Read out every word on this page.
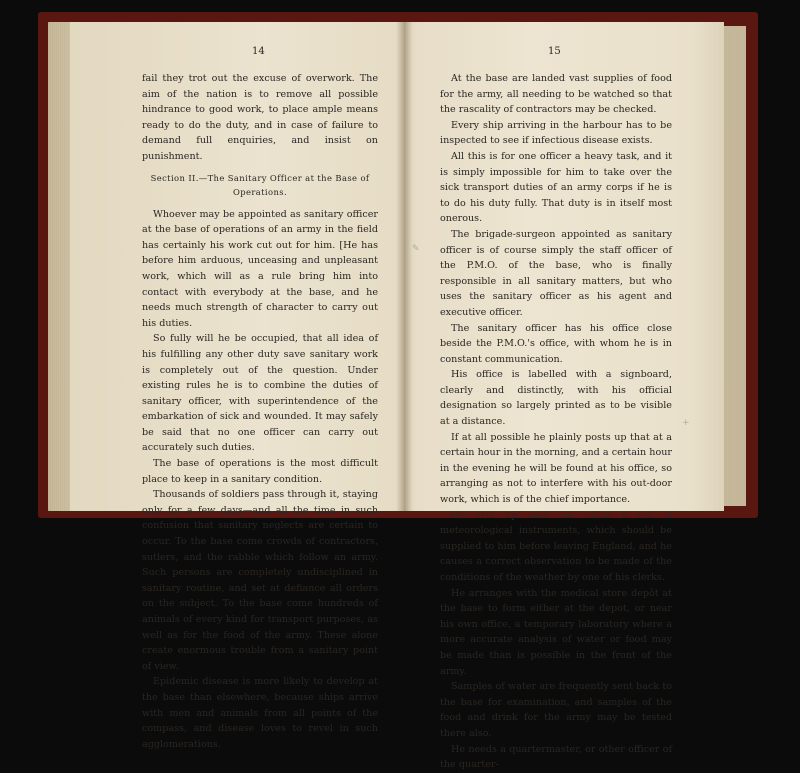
14

fail they trot out the excuse of overwork. The aim of the nation is to remove all possible hindrance to good work, to place ample means ready to do the duty, and in case of failure to demand full enquiries, and insist on punishment.

Section II.—The Sanitary Officer at the Base of
Operations.

Whoever may be appointed as sanitary officer at the base of operations of an army in the field has certainly his work cut out for him. [He has before him arduous, unceasing and unpleasant work, which will as a rule bring him into contact with everybody at the base, and he needs much strength of character to carry out his duties.

So fully will he be occupied, that all idea of his fulfilling any other duty save sanitary work is completely out of the question. Under existing rules he is to combine the duties of sanitary officer, with superintendence of the embarkation of sick and wounded. It may safely be said that no one officer can carry out accurately such duties.

The base of operations is the most difficult place to keep in a sanitary condition.

Thousands of soldiers pass through it, staying only for a few days—and all the time in such confusion that sanitary neglects are certain to occur. To the base come crowds of contractors, sutlers, and the rabble which follow an army. Such persons are completely undisciplined in sanitary routine, and set at defiance all orders on the subject. To the base come hundreds of animals of every kind for transport purposes, as well as for the food of the army. These alone create enormous trouble from a sanitary point of view.

Epidemic disease is more likely to develop at the base than elsewhere, because ships arrive with men and animals from all points of the compass, and disease loves to revel in such agglomerations.

15

At the base are landed vast supplies of food for the army, all needing to be watched so that the rascality of contractors may be checked.

Every ship arriving in the harbour has to be inspected to see if infectious disease exists.

All this is for one officer a heavy task, and it is simply impossible for him to take over the sick transport duties of an army corps if he is to do his duty fully. That duty is in itself most onerous.

The brigade-surgeon appointed as sanitary officer is of course simply the staff officer of the P.M.O. of the base, who is finally responsible in all sanitary matters, but who uses the sanitary officer as his agent and executive officer.

The sanitary officer has his office close beside the P.M.O.'s office, with whom he is in constant communication.

His office is labelled with a signboard, clearly and distinctly, with his official designation so largely printed as to be visible at a distance.

If at all possible he plainly posts up that at a certain hour in the morning, and a certain hour in the evening he will be found at his office, so arranging as not to interfere with his out-door work, which is of the chief importance.

He sets up near his office a set of meteorological instruments, which should be supplied to him before leaving England, and he causes a correct observation to be made of the conditions of the weather by one of his clerks.

He arranges with the medical store depôt at the base to form either at the depot, or near his own office, a temporary laboratory where a more accurate analysis of water or food may be made than is possible in the front of the army.

Samples of water are frequently sent back to the base for examination, and samples of the food and drink for the army may be tested there also.

He needs a quartermaster, or other officer of the quarter-

✎
+
